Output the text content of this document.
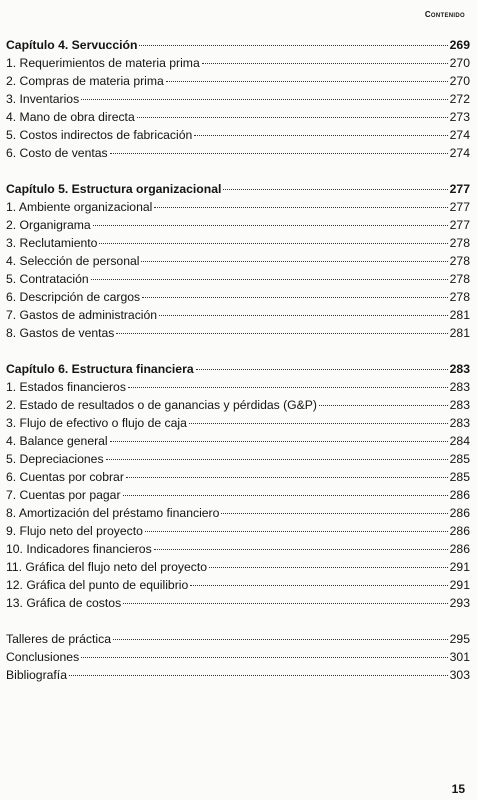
Contenido
Capítulo 4. Servucción	269
1. Requerimientos de materia prima	270
2. Compras de materia prima	270
3. Inventarios	272
4. Mano de obra directa	273
5. Costos indirectos de fabricación	274
6. Costo de ventas	274
Capítulo 5. Estructura organizacional	277
1. Ambiente organizacional	277
2. Organigrama	277
3. Reclutamiento	278
4. Selección de personal	278
5. Contratación	278
6. Descripción de cargos	278
7. Gastos de administración	281
8. Gastos de ventas	281
Capítulo 6. Estructura financiera	283
1. Estados financieros	283
2. Estado de resultados o de ganancias y pérdidas (G&P)	283
3. Flujo de efectivo o flujo de caja	283
4. Balance general	284
5. Depreciaciones	285
6. Cuentas por cobrar	285
7. Cuentas por pagar	286
8. Amortización del préstamo financiero	286
9. Flujo neto del proyecto	286
10. Indicadores financieros	286
11. Gráfica del flujo neto del proyecto	291
12. Gráfica del punto de equilibrio	291
13. Gráfica de costos	293
Talleres de práctica	295
Conclusiones	301
Bibliografía	303
15
